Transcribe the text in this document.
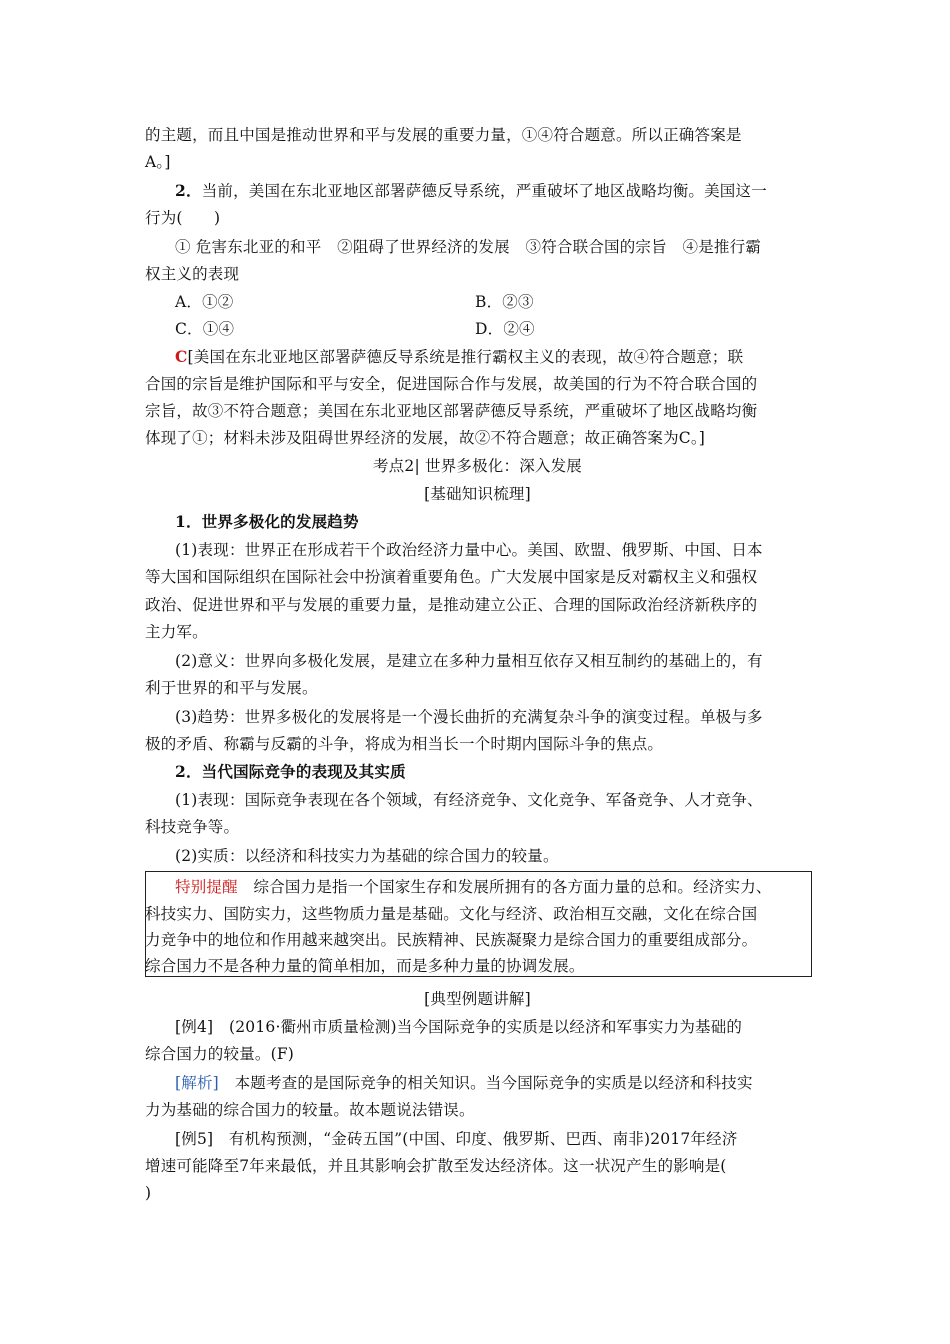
的主题，而且中国是推动世界和平与发展的重要力量，①④符合题意。所以正确答案是
A。]
2．当前，美国在东北亚地区部署萨德反导系统，严重破坏了地区战略均衡。美国这一
行为(　　)
① 危害东北亚的和平　②阻碍了世界经济的发展　③符合联合国的宗旨　④是推行霸
权主义的表现
A．①②	B．②③
C．①④	D．②④
C[美国在东北亚地区部署萨德反导系统是推行霸权主义的表现，故④符合题意；联
合国的宗旨是维护国际和平与安全，促进国际合作与发展，故美国的行为不符合联合国的
宗旨，故③不符合题意；美国在东北亚地区部署萨德反导系统，严重破坏了地区战略均衡
体现了①；材料未涉及阻碍世界经济的发展，故②不符合题意；故正确答案为C。]
考点2| 世界多极化：深入发展
[基础知识梳理]
1．世界多极化的发展趋势
(1)表现：世界正在形成若干个政治经济力量中心。美国、欧盟、俄罗斯、中国、日本
等大国和国际组织在国际社会中扮演着重要角色。广大发展中国家是反对霸权主义和强权
政治、促进世界和平与发展的重要力量，是推动建立公正、合理的国际政治经济新秩序的
主力军。
(2)意义：世界向多极化发展，是建立在多种力量相互依存又相互制约的基础上的，有
利于世界的和平与发展。
(3)趋势：世界多极化的发展将是一个漫长曲折的充满复杂斗争的演变过程。单极与多
极的矛盾、称霸与反霸的斗争，将成为相当长一个时期内国际斗争的焦点。
2．当代国际竞争的表现及其实质
(1)表现：国际竞争表现在各个领域，有经济竞争、文化竞争、军备竞争、人才竞争、
科技竞争等。
(2)实质：以经济和科技实力为基础的综合国力的较量。
特别提醒　综合国力是指一个国家生存和发展所拥有的各方面力量的总和。经济实力、
科技实力、国防实力，这些物质力量是基础。文化与经济、政治相互交融，文化在综合国
力竞争中的地位和作用越来越突出。民族精神、民族凝聚力是综合国力的重要组成部分。
综合国力不是各种力量的简单相加，而是多种力量的协调发展。
[典型例题讲解]
[例4]　(2016·衢州市质量检测)当今国际竞争的实质是以经济和军事实力为基础的
综合国力的较量。(F)
[解析]　本题考查的是国际竞争的相关知识。当今国际竞争的实质是以经济和科技实
力为基础的综合国力的较量。故本题说法错误。
[例5]　有机构预测，“金砖五国”(中国、印度、俄罗斯、巴西、南非)2017年经济
增速可能降至7年来最低，并且其影响会扩散至发达经济体。这一状况产生的影响是(
)
